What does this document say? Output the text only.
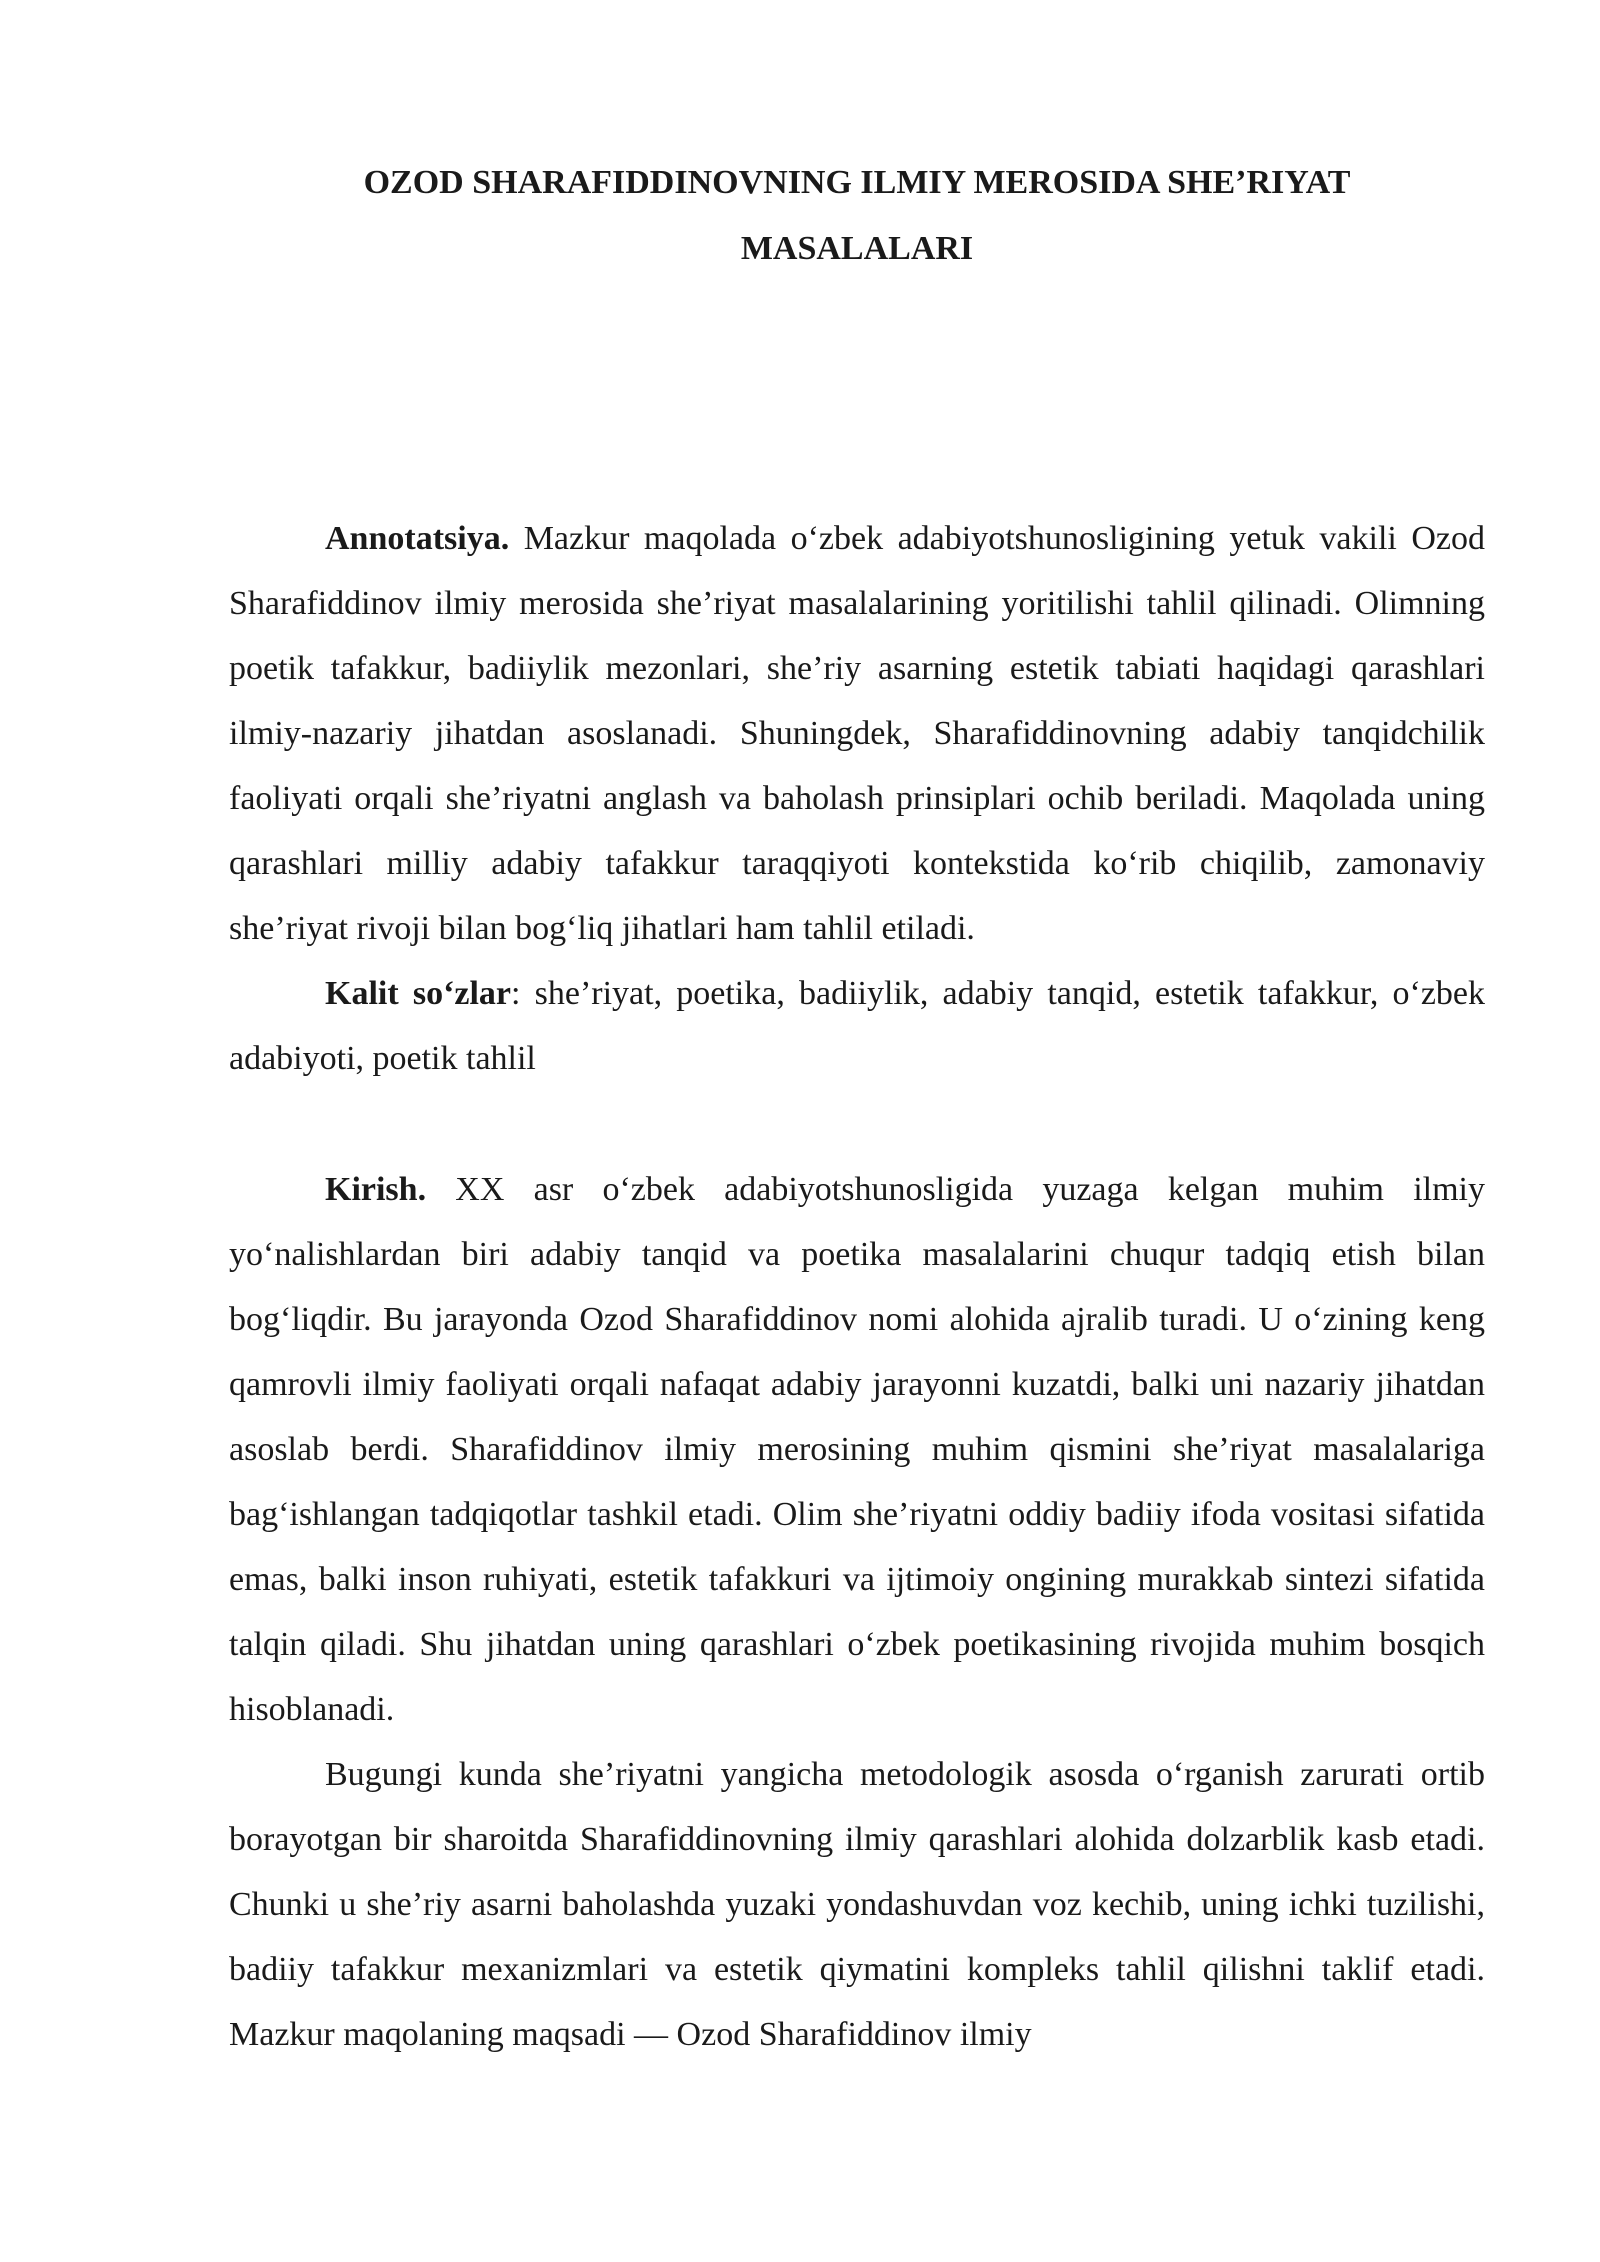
OZOD SHARAFIDDINOVNING ILMIY MEROSIDA SHE’RIYAT
MASALALARI

Annotatsiya. Mazkur maqolada o‘zbek adabiyotshunosligining yetuk vakili Ozod Sharafiddinov ilmiy merosida she’riyat masalalarining yoritilishi tahlil qilinadi. Olimning poetik tafakkur, badiiylik mezonlari, she’riy asarning estetik tabiati haqidagi qarashlari ilmiy-nazariy jihatdan asoslanadi. Shuningdek, Sharafiddinovning adabiy tanqidchilik faoliyati orqali she’riyatni anglash va baholash prinsiplari ochib beriladi. Maqolada uning qarashlari milliy adabiy tafakkur taraqqiyoti kontekstida ko‘rib chiqilib, zamonaviy she’riyat rivoji bilan bog‘liq jihatlari ham tahlil etiladi.

Kalit so‘zlar: she’riyat, poetika, badiiylik, adabiy tanqid, estetik tafakkur, o‘zbek adabiyoti, poetik tahlil

Kirish. XX asr o‘zbek adabiyotshunosligida yuzaga kelgan muhim ilmiy yo‘nalishlardan biri adabiy tanqid va poetika masalalarini chuqur tadqiq etish bilan bog‘liqdir. Bu jarayonda Ozod Sharafiddinov nomi alohida ajralib turadi. U o‘zining keng qamrovli ilmiy faoliyati orqali nafaqat adabiy jarayonni kuzatdi, balki uni nazariy jihatdan asoslab berdi. Sharafiddinov ilmiy merosining muhim qismini she’riyat masalalariga bag‘ishlangan tadqiqotlar tashkil etadi. Olim she’riyatni oddiy badiiy ifoda vositasi sifatida emas, balki inson ruhiyati, estetik tafakkuri va ijtimoiy ongining murakkab sintezi sifatida talqin qiladi. Shu jihatdan uning qarashlari o‘zbek poetikasining rivojida muhim bosqich hisoblanadi.

Bugungi kunda she’riyatni yangicha metodologik asosda o‘rganish zarurati ortib borayotgan bir sharoitda Sharafiddinovning ilmiy qarashlari alohida dolzarblik kasb etadi. Chunki u she’riy asarni baholashda yuzaki yondashuvdan voz kechib, uning ichki tuzilishi, badiiy tafakkur mexanizmlari va estetik qiymatini kompleks tahlil qilishni taklif etadi. Mazkur maqolaning maqsadi — Ozod Sharafiddinov ilmiy
